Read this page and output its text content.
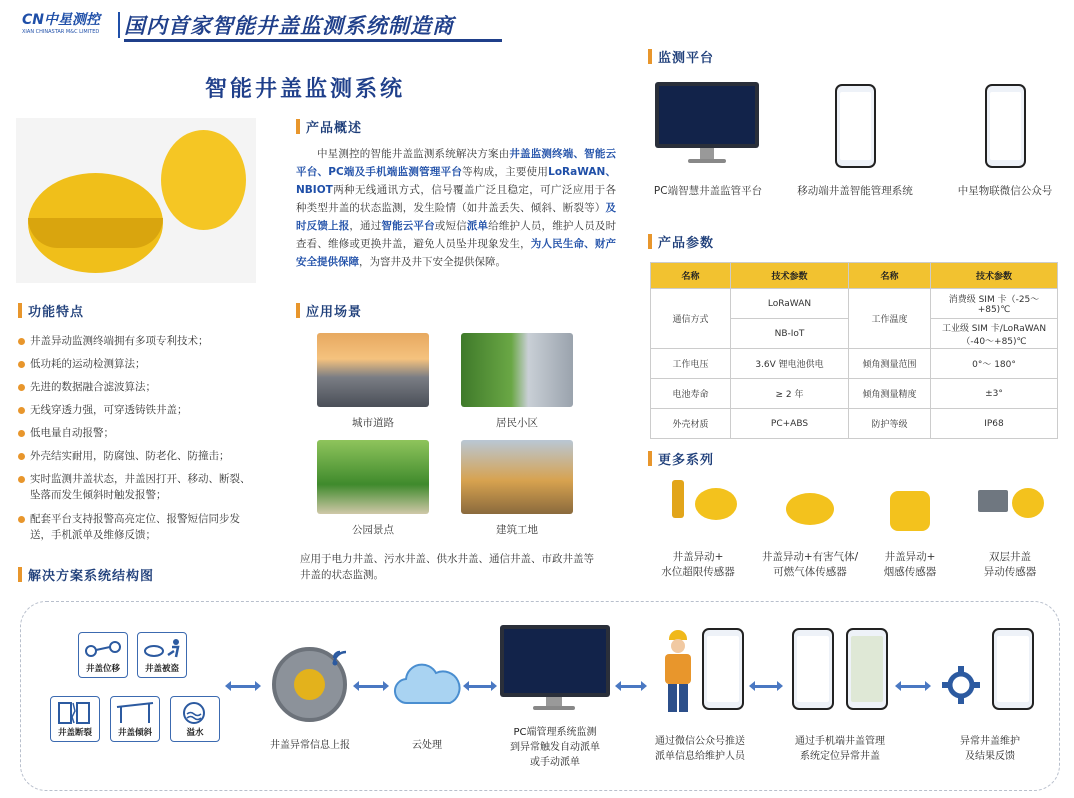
CN中星测控
XIAN CHINASTAR M&C LIMITED	国内首家智能井盖监测系统制造商
智能井盖监测系统
产品概述
中星测控的智能井盖监测系统解决方案由井盖监测终端、智能云平台、PC端及手机端监测管理平台等构成，主要使用LoRaWAN、NBIOT两种无线通讯方式，信号覆盖广泛且稳定，可广泛应用于各种类型井盖的状态监测，发生险情（如井盖丢失、倾斜、断裂等）及时反馈上报，通过智能云平台或短信派单给维护人员，维护人员及时查看、维修或更换井盖，避免人员坠井现象发生，为人民生命、财产安全提供保障，为窨井及井下安全提供保障。
功能特点
井盖异动监测终端拥有多项专利技术；
低功耗的运动检测算法；
先进的数据融合滤波算法；
无线穿透力强，可穿透铸铁井盖；
低电量自动报警；
外壳结实耐用，防腐蚀、防老化、防撞击；
实时监测井盖状态，井盖因打开、移动、断裂、坠落而发生倾斜时触发报警；
配套平台支持报警高亮定位、报警短信同步发送，手机派单及维修反馈；
解决方案系统结构图
应用场景
城市道路	居民小区
公园景点	建筑工地
应用于电力井盖、污水井盖、供水井盖、通信井盖、市政井盖等井盖的状态监测。
监测平台
PC端智慧井盖监管平台	移动端井盖智能管理系统	中星物联微信公众号
产品参数
名称	技术参数	名称	技术参数
通信方式	LoRaWAN	工作温度	消费级 SIM 卡（-25～+85)℃
	NB-IoT		工业级 SIM 卡/LoRaWAN（-40～+85)℃
工作电压	3.6V 锂电池供电	倾角测量范围	0°～ 180°
电池寿命	≥ 2 年	倾角测量精度	±3°
外壳材质	PC+ABS	防护等级	IP68
更多系列
井盖异动+
水位超限传感器
井盖异动+有害气体/
可燃气体传感器
井盖异动+
烟感传感器
双层井盖
异动传感器
井盖位移	井盖被盗
井盖断裂	井盖倾斜	溢水
井盖异常信息上报	云处理
PC端管理系统监测
到异常触发自动派单
或手动派单
通过微信公众号推送
派单信息给维护人员
通过手机端井盖管理
系统定位异常井盖
异常井盖维护
及结果反馈
